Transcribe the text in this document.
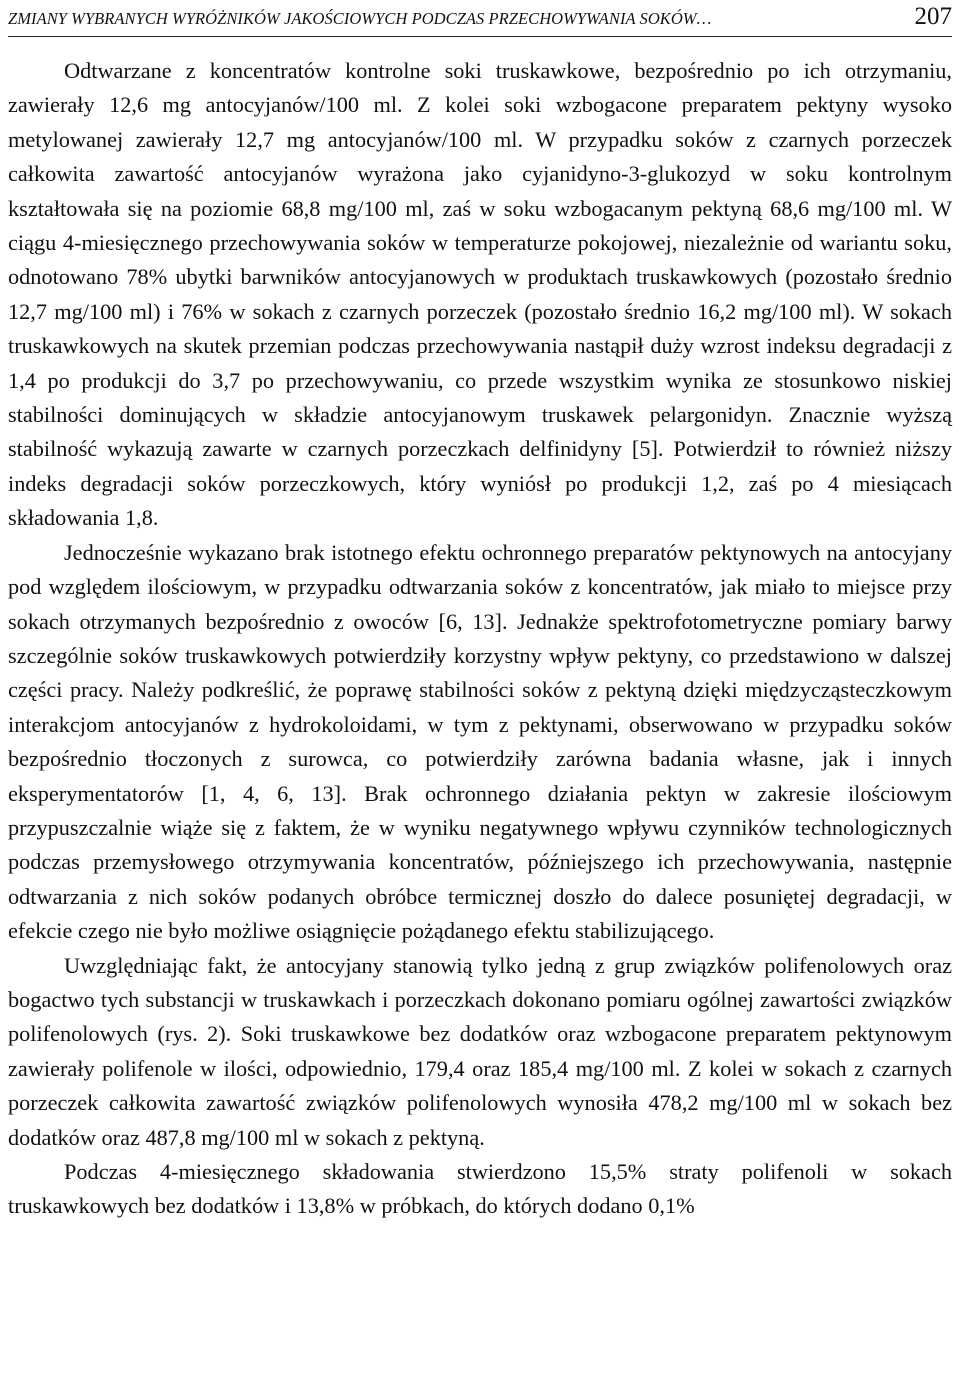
ZMIANY WYBRANYCH WYRÓŻNIKÓW JAKOŚCIOWYCH PODCZAS PRZECHOWYWANIA SOKÓW…	207

Odtwarzane z koncentratów kontrolne soki truskawkowe, bezpośrednio po ich otrzymaniu, zawierały 12,6 mg antocyjanów/100 ml. Z kolei soki wzbogacone preparatem pektyny wysoko metylowanej zawierały 12,7 mg antocyjanów/100 ml. W przypadku soków z czarnych porzeczek całkowita zawartość antocyjanów wyrażona jako cyjanidyno-3-glukozyd w soku kontrolnym kształtowała się na poziomie 68,8 mg/100 ml, zaś w soku wzbogacanym pektyną 68,6 mg/100 ml. W ciągu 4-miesięcznego przechowywania soków w temperaturze pokojowej, niezależnie od wariantu soku, odnotowano 78% ubytki barwników antocyjanowych w produktach truskawkowych (pozostało średnio 12,7 mg/100 ml) i 76% w sokach z czarnych porzeczek (pozostało średnio 16,2 mg/100 ml). W sokach truskawkowych na skutek przemian podczas przechowywania nastąpił duży wzrost indeksu degradacji z 1,4 po produkcji do 3,7 po przechowywaniu, co przede wszystkim wynika ze stosunkowo niskiej stabilności dominujących w składzie antocyjanowym truskawek pelargonidyn. Znacznie wyższą stabilność wykazują zawarte w czarnych porzeczkach delfinidyny [5]. Potwierdził to również niższy indeks degradacji soków porzeczkowych, który wyniósł po produkcji 1,2, zaś po 4 miesiącach składowania 1,8.

Jednocześnie wykazano brak istotnego efektu ochronnego preparatów pektynowych na antocyjany pod względem ilościowym, w przypadku odtwarzania soków z koncentratów, jak miało to miejsce przy sokach otrzymanych bezpośrednio z owoców [6, 13]. Jednakże spektrofotometryczne pomiary barwy szczególnie soków truskawkowych potwierdziły korzystny wpływ pektyny, co przedstawiono w dalszej części pracy. Należy podkreślić, że poprawę stabilności soków z pektyną dzięki międzycząsteczkowym interakcjom antocyjanów z hydrokoloidami, w tym z pektynami, obserwowano w przypadku soków bezpośrednio tłoczonych z surowca, co potwierdziły zarówna badania własne, jak i innych eksperymentatorów [1, 4, 6, 13]. Brak ochronnego działania pektyn w zakresie ilościowym przypuszczalnie wiąże się z faktem, że w wyniku negatywnego wpływu czynników technologicznych podczas przemysłowego otrzymywania koncentratów, późniejszego ich przechowywania, następnie odtwarzania z nich soków podanych obróbce termicznej doszło do dalece posuniętej degradacji, w efekcie czego nie było możliwe osiągnięcie pożądanego efektu stabilizującego.

Uwzględniając fakt, że antocyjany stanowią tylko jedną z grup związków polifenolowych oraz bogactwo tych substancji w truskawkach i porzeczkach dokonano pomiaru ogólnej zawartości związków polifenolowych (rys. 2). Soki truskawkowe bez dodatków oraz wzbogacone preparatem pektynowym zawierały polifenole w ilości, odpowiednio, 179,4 oraz 185,4 mg/100 ml. Z kolei w sokach z czarnych porzeczek całkowita zawartość związków polifenolowych wynosiła 478,2 mg/100 ml w sokach bez dodatków oraz 487,8 mg/100 ml w sokach z pektyną.

Podczas 4-miesięcznego składowania stwierdzono 15,5% straty polifenoli w sokach truskawkowych bez dodatków i 13,8% w próbkach, do których dodano 0,1%
